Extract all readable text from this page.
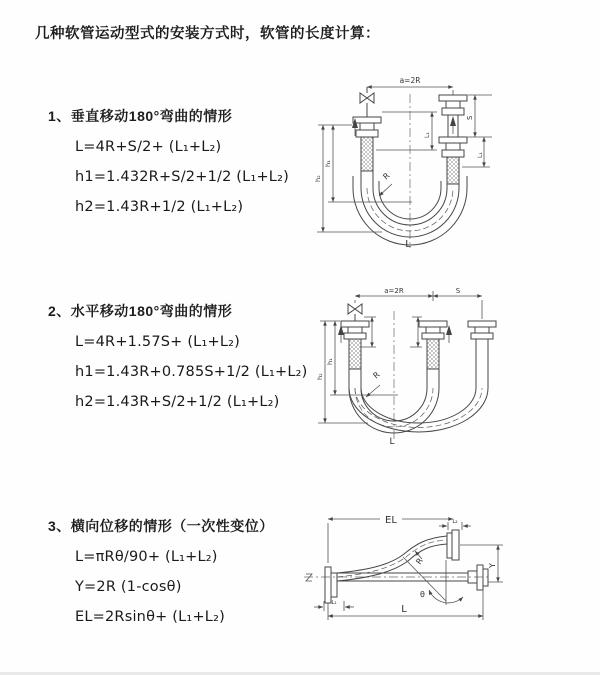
几种软管运动型式的安装方式时，软管的长度计算：
1、垂直移动180°弯曲的情形
L=4R+S/2+ (L₁+L₂)
h1=1.432R+S/2+1/2 (L₁+L₂)
h2=1.43R+1/2 (L₁+L₂)
2、水平移动180°弯曲的情形
L=4R+1.57S+ (L₁+L₂)
h1=1.43R+0.785S+1/2 (L₁+L₂)
h2=1.43R+S/2+1/2 (L₁+L₂)
3、横向位移的情形（一次性变位）
L=πRθ/90+ (L₁+L₂)
Y=2R (1-cosθ)
EL=2Rsinθ+ (L₁+L₂)
a=2R
h₂
h₁
S
L₁
L₁
R
L
a=2R	S
h₂
h₁
R
L
EL	L₂
θ
R	Y
L₁
L
